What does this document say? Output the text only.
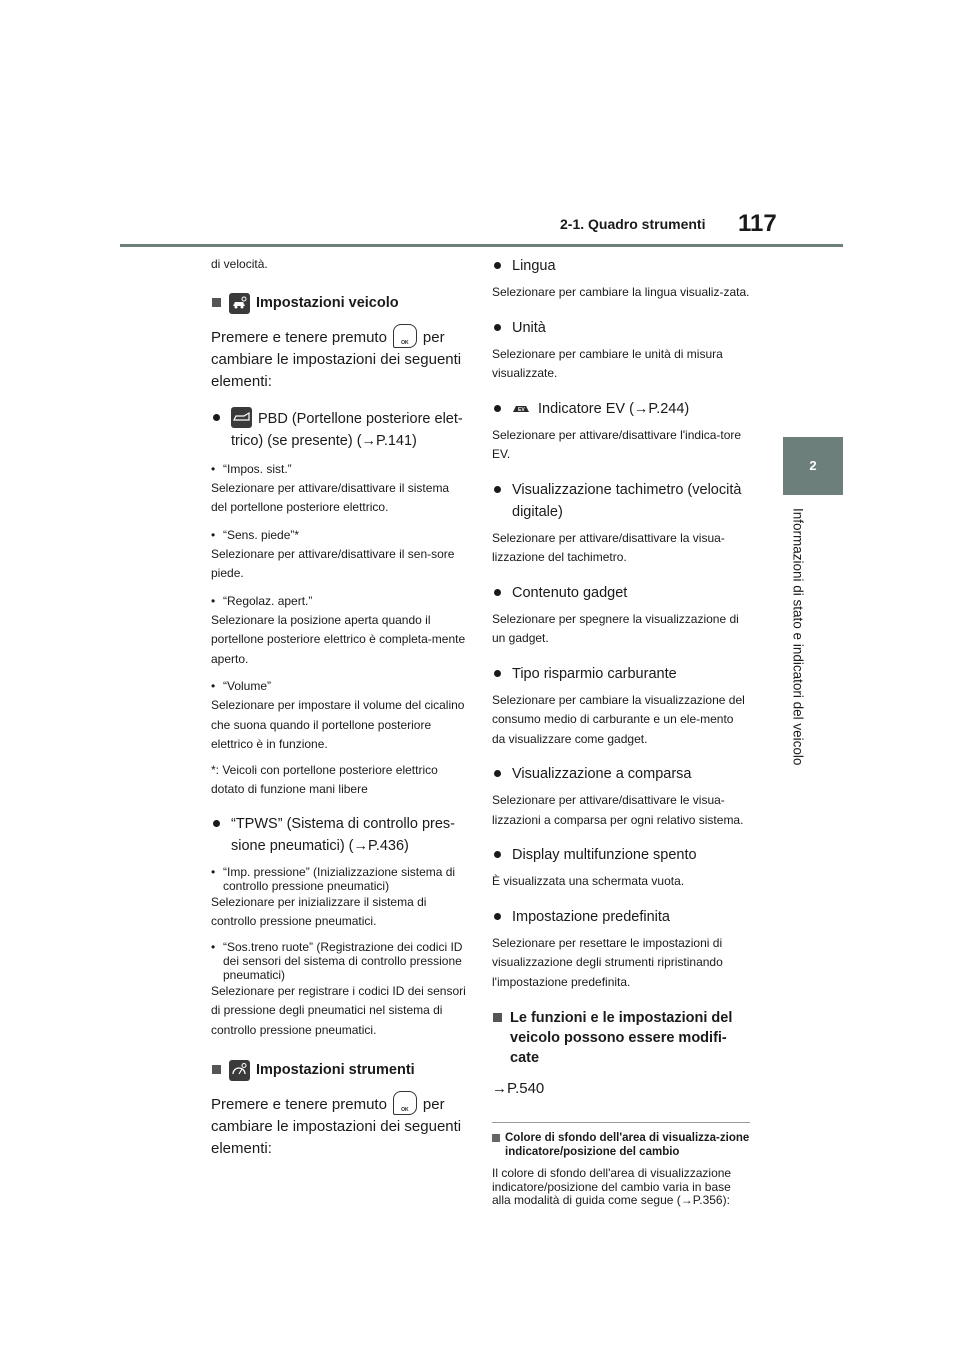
2-1. Quadro strumenti 117
2
Informazioni di stato e indicatori del veicolo

di velocità.

Impostazioni veicolo

Premere e tenere premuto	OK per cambiare le impostazioni dei seguenti elementi:

PBD (Portellone posteriore elet-trico) (se presente) (→P.141)
• “Impos. sist.”

Selezionare per attivare/disattivare il sistema del portellone posteriore elettrico.

• “Sens. piede”*

Selezionare per attivare/disattivare il sen-sore piede.

• “Regolaz. apert.”

Selezionare la posizione aperta quando il portellone posteriore elettrico è completa-mente aperto.

• “Volume”

Selezionare per impostare il volume del cicalino che suona quando il portellone posteriore elettrico è in funzione.

*: Veicoli con portellone posteriore elettrico dotato di funzione mani libere

“TPWS” (Sistema di controllo pres-sione pneumatici) (→P.436)
• “Imp. pressione” (Inizializzazione sistema di controllo pressione pneumatici)

Selezionare per inizializzare il sistema di controllo pressione pneumatici.

• “Sos.treno ruote” (Registrazione dei codici ID dei sensori del sistema di controllo pressione pneumatici)

Selezionare per registrare i codici ID dei sensori di pressione degli pneumatici nel sistema di controllo pressione pneumatici.

Impostazioni strumenti

Premere e tenere premuto	OK per cambiare le impostazioni dei seguenti elementi:

Lingua

Selezionare per cambiare la lingua visualiz-zata.

Unità

Selezionare per cambiare le unità di misura visualizzate.

EV Indicatore EV (→P.244)

Selezionare per attivare/disattivare l'indica-tore EV.

Visualizzazione tachimetro (velocità digitale)

Selezionare per attivare/disattivare la visua-lizzazione del tachimetro.

Contenuto gadget

Selezionare per spegnere la visualizzazione di un gadget.

Tipo risparmio carburante

Selezionare per cambiare la visualizzazione del consumo medio di carburante e un ele-mento da visualizzare come gadget.

Visualizzazione a comparsa

Selezionare per attivare/disattivare le visua-lizzazioni a comparsa per ogni relativo sistema.

Display multifunzione spento

È visualizzata una schermata vuota.

Impostazione predefinita

Selezionare per resettare le impostazioni di visualizzazione degli strumenti ripristinando l'impostazione predefinita.

Le funzioni e le impostazioni del veicolo possono essere modifi-cate

→P.540

Colore di sfondo dell'area di visualizza-zione indicatore/posizione del cambio

Il colore di sfondo dell'area di visualizzazione indicatore/posizione del cambio varia in base alla modalità di guida come segue (→P.356):
